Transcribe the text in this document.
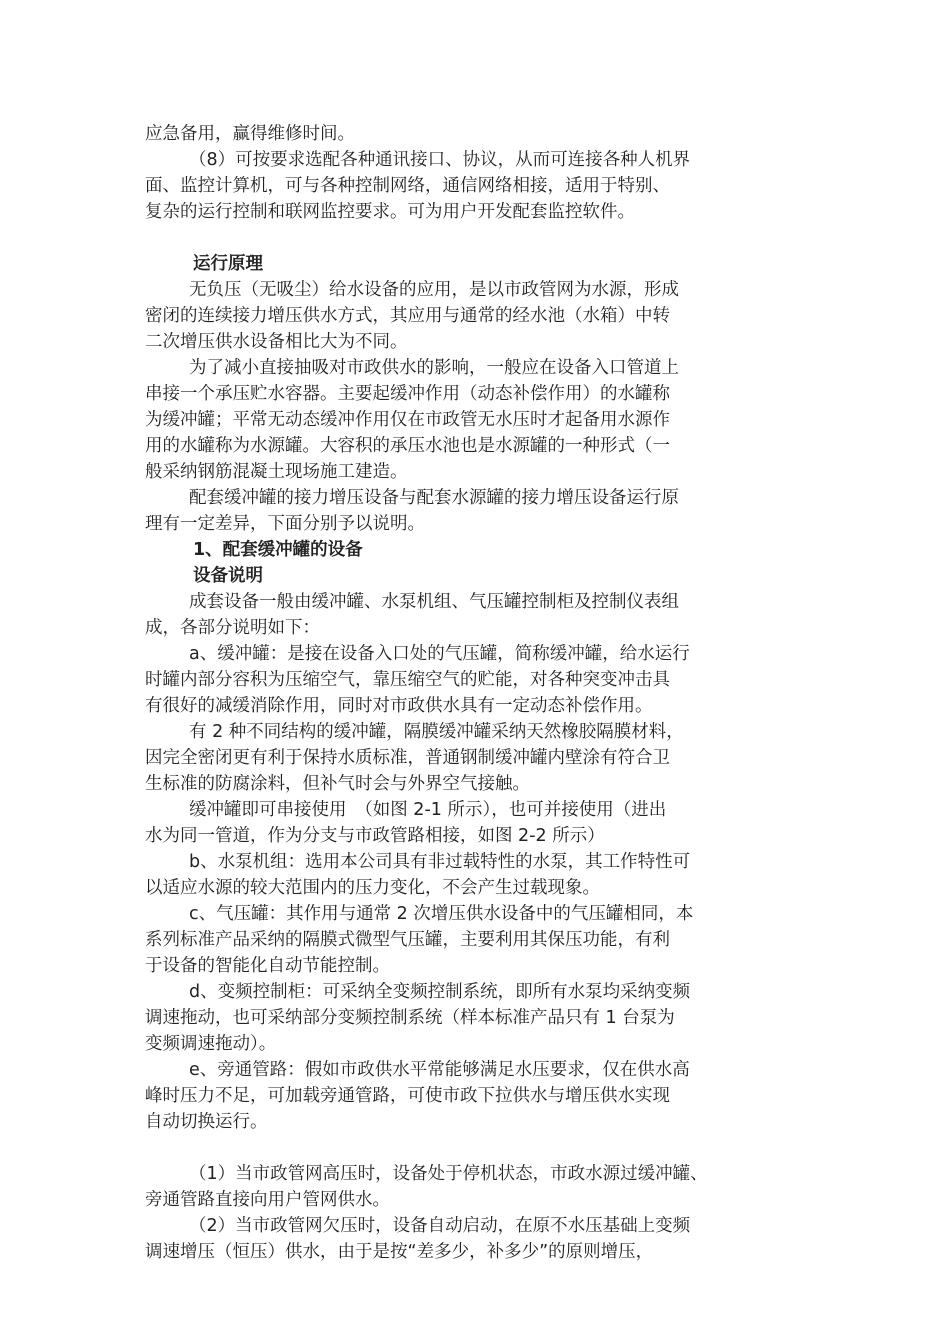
应急备用，赢得维修时间。
（8）可按要求选配各种通讯接口、协议，从而可连接各种人机界
面、监控计算机，可与各种控制网络，通信网络相接，适用于特别、
复杂的运行控制和联网监控要求。可为用户开发配套监控软件。
运行原理
无负压（无吸尘）给水设备的应用，是以市政管网为水源，形成
密闭的连续接力增压供水方式，其应用与通常的经水池（水箱）中转
二次增压供水设备相比大为不同。
为了减小直接抽吸对市政供水的影响，一般应在设备入口管道上
串接一个承压贮水容器。主要起缓冲作用（动态补偿作用）的水罐称
为缓冲罐；平常无动态缓冲作用仅在市政管无水压时才起备用水源作
用的水罐称为水源罐。大容积的承压水池也是水源罐的一种形式（一
般采纳钢筋混凝土现场施工建造。
配套缓冲罐的接力增压设备与配套水源罐的接力增压设备运行原
理有一定差异，下面分别予以说明。
1、配套缓冲罐的设备
设备说明
成套设备一般由缓冲罐、水泵机组、气压罐控制柜及控制仪表组
成，各部分说明如下：
a、缓冲罐：是接在设备入口处的气压罐，简称缓冲罐，给水运行
时罐内部分容积为压缩空气，靠压缩空气的贮能，对各种突变冲击具
有很好的减缓消除作用，同时对市政供水具有一定动态补偿作用。
有 2 种不同结构的缓冲罐，隔膜缓冲罐采纳天然橡胶隔膜材料，
因完全密闭更有利于保持水质标准，普通钢制缓冲罐内壁涂有符合卫
生标准的防腐涂料，但补气时会与外界空气接触。
缓冲罐即可串接使用　（如图 2-1 所示），也可并接使用（进出
水为同一管道，作为分支与市政管路相接，如图 2-2 所示）
b、水泵机组：选用本公司具有非过载特性的水泵，其工作特性可
以适应水源的较大范围内的压力变化，不会产生过载现象。
c、气压罐：其作用与通常 2 次增压供水设备中的气压罐相同，本
系列标准产品采纳的隔膜式微型气压罐，主要利用其保压功能，有利
于设备的智能化自动节能控制。
d、变频控制柜：可采纳全变频控制系统，即所有水泵均采纳变频
调速拖动，也可采纳部分变频控制系统（样本标准产品只有 1 台泵为
变频调速拖动）。
e、旁通管路：假如市政供水平常能够满足水压要求，仅在供水高
峰时压力不足，可加载旁通管路，可使市政下拉供水与增压供水实现
自动切换运行。
（1）当市政管网高压时，设备处于停机状态，市政水源过缓冲罐、
旁通管路直接向用户管网供水。
（2）当市政管网欠压时，设备自动启动，在原不水压基础上变频
调速增压（恒压）供水，由于是按“差多少，补多少”的原则增压，
